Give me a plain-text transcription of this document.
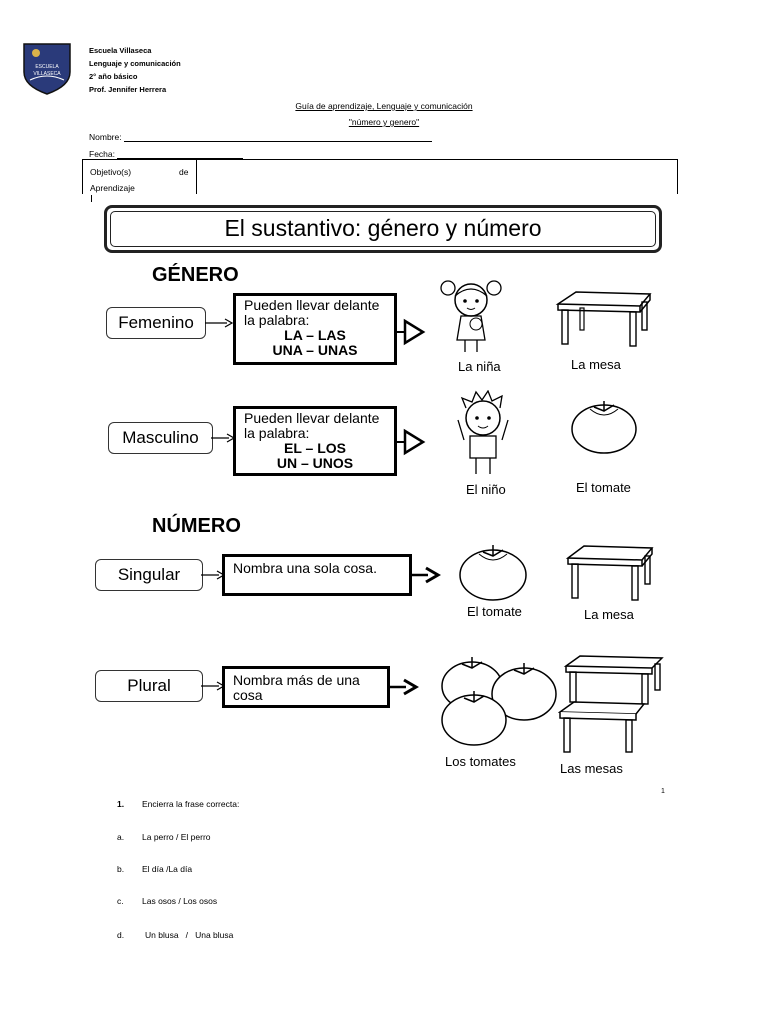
ESCUELA
VILLASECA
Escuela Villaseca
Lenguaje y comunicación
2° año básico
Prof. Jennifer Herrera
Guía de aprendizaje, Lenguaje y comunicación
"número y genero"
Nombre:
Fecha:
Objetivo(s)	de
Aprendizaje
El sustantivo: género y número
GÉNERO
Femenino
Pueden llevar delante
la palabra:
LA – LAS
UNA – UNAS
La niña	La mesa
Masculino
Pueden llevar delante
la palabra:
EL – LOS
UN – UNOS
El niño	El tomate
NÚMERO
Singular	Nombra una sola cosa.
El tomate	La mesa
Plural	Nombra más de una
cosa
Los tomates	Las mesas
1
1. Encierra la frase correcta:
a. La perro / El perro
b. El día /La día
c. Las osos / Los osos
d. Un blusa   /   Una blusa
